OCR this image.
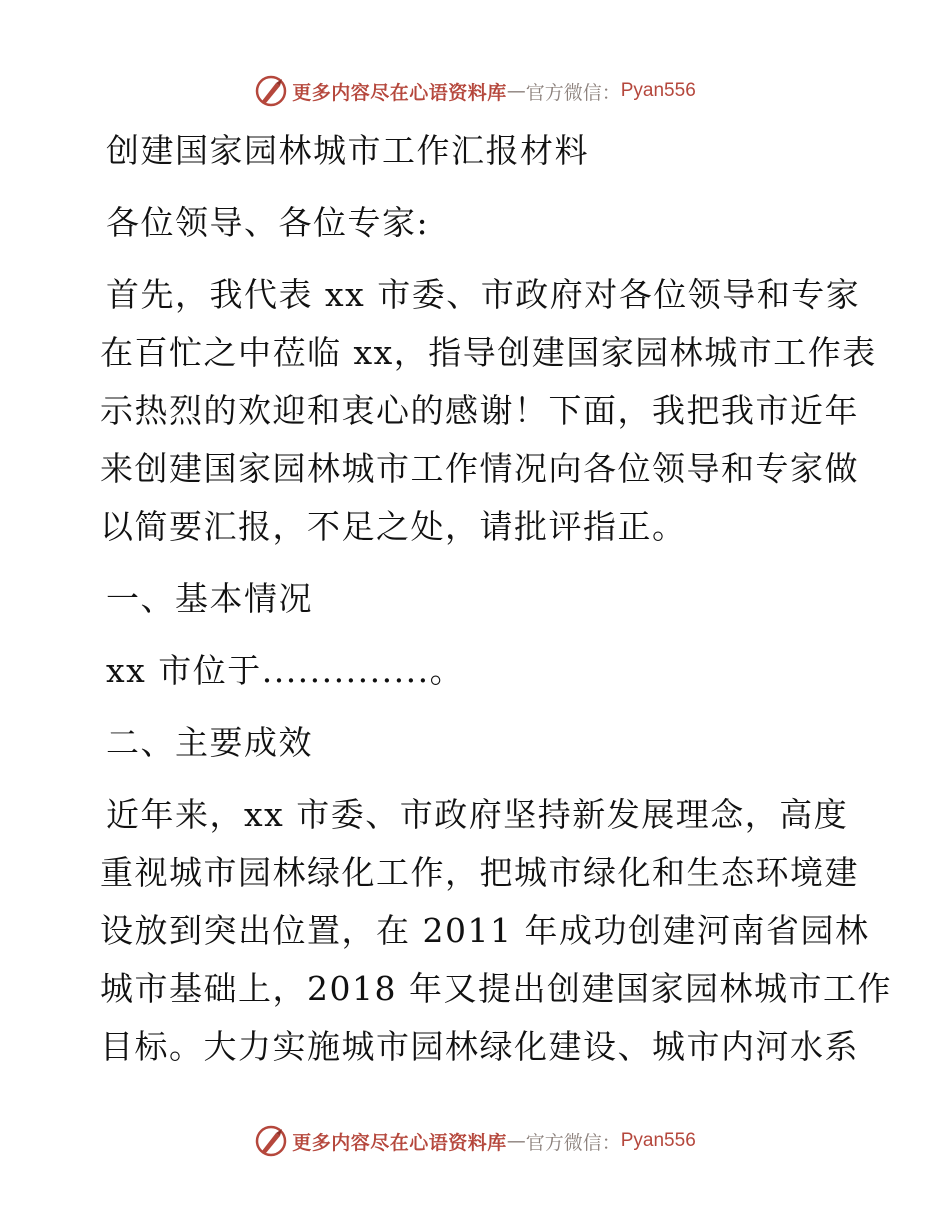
更多内容尽在心语资料库 — 官方微信： Pyan556
创建国家园林城市工作汇报材料
各位领导、各位专家:
首先，我代表 xx 市委、市政府对各位领导和专家
在百忙之中莅临 xx，指导创建国家园林城市工作表
示热烈的欢迎和衷心的感谢！下面，我把我市近年
来创建国家园林城市工作情况向各位领导和专家做
以简要汇报，不足之处，请批评指正。
一、基本情况
xx 市位于..............。
二、主要成效
近年来，xx 市委、市政府坚持新发展理念，高度
重视城市园林绿化工作，把城市绿化和生态环境建
设放到突出位置，在 2011 年成功创建河南省园林
城市基础上，2018 年又提出创建国家园林城市工作
目标。大力实施城市园林绿化建设、城市内河水系
更多内容尽在心语资料库 — 官方微信： Pyan556
